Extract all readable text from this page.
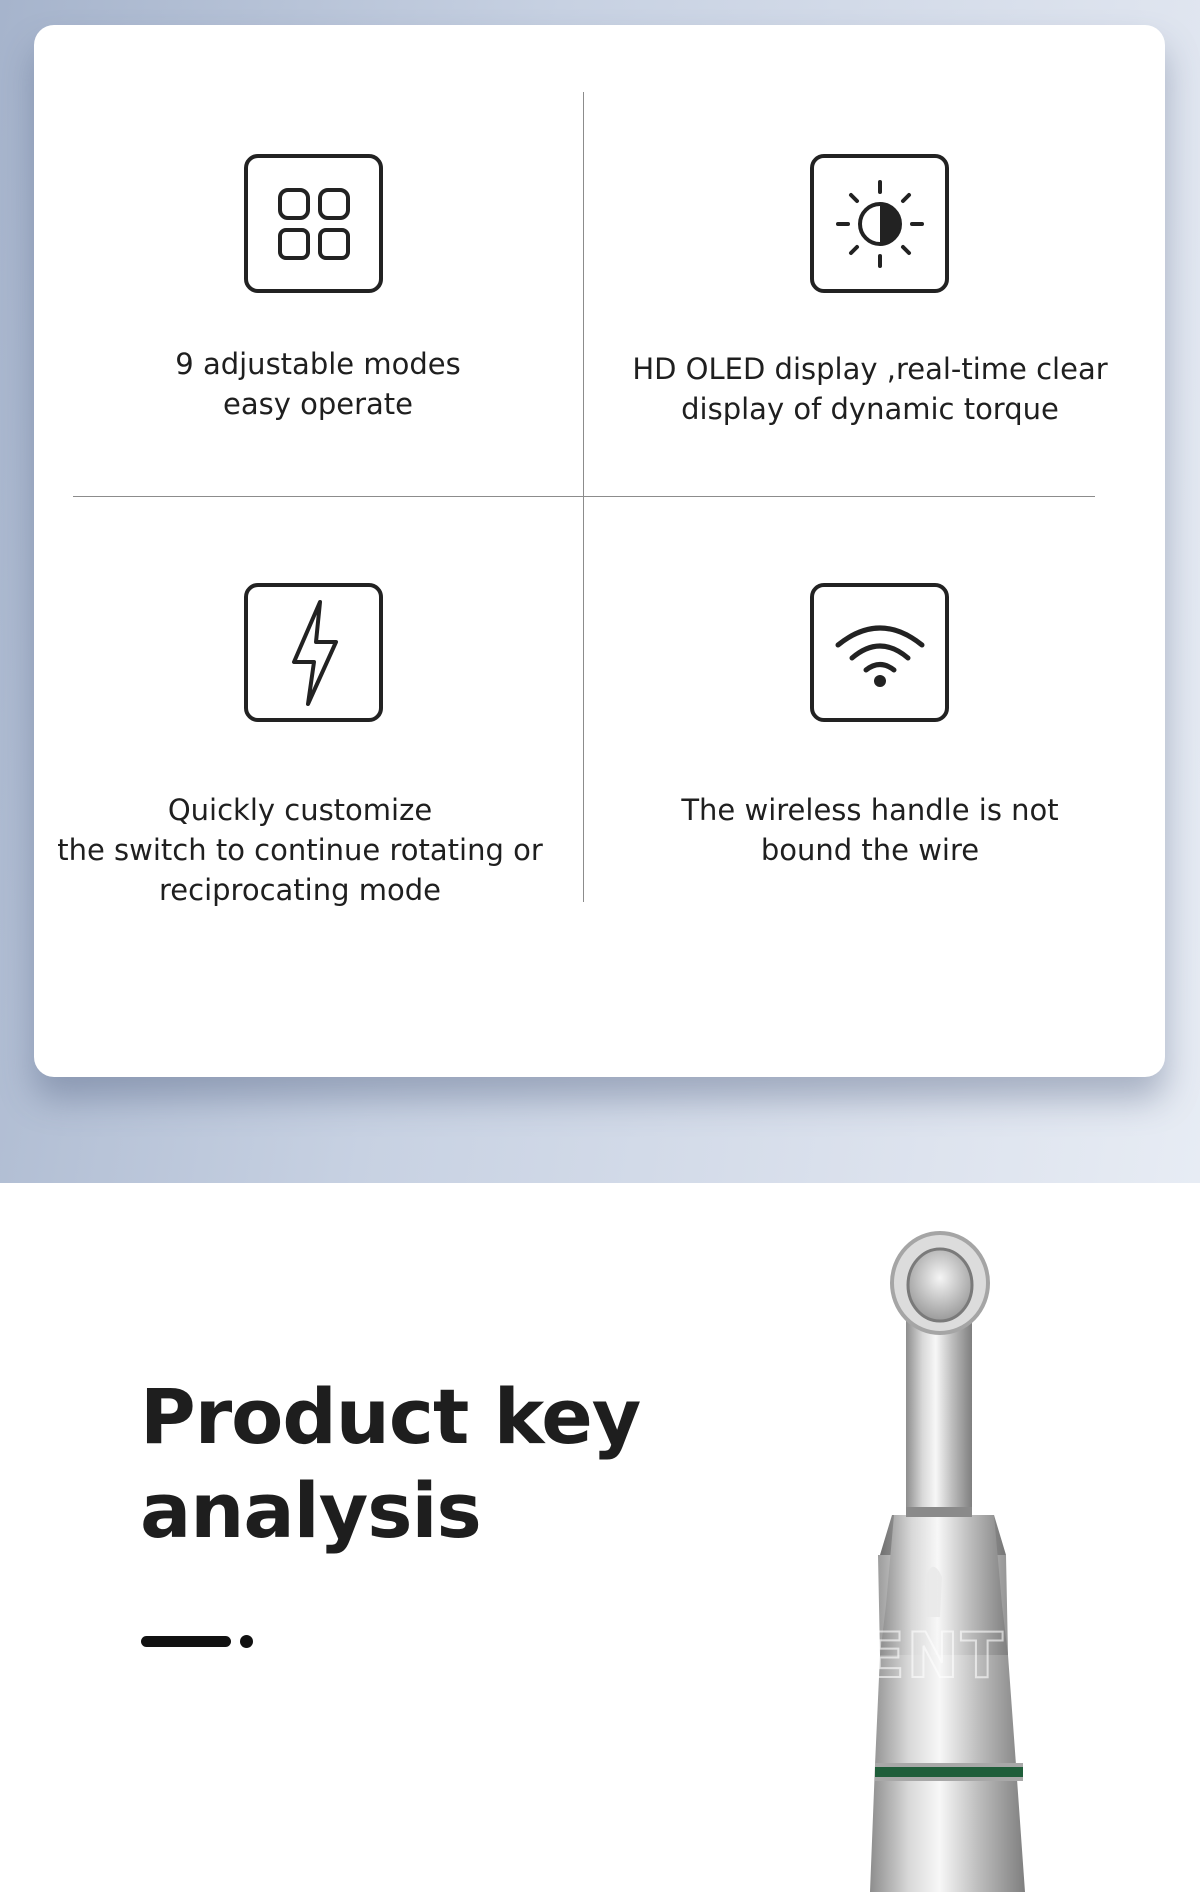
9 adjustable modes
easy operate
HD OLED display ,real-time clear
display of dynamic torque
Quickly customize
the switch to continue rotating or
reciprocating mode
The wireless handle is not
bound the wire
Product key
analysis
AZDENT
